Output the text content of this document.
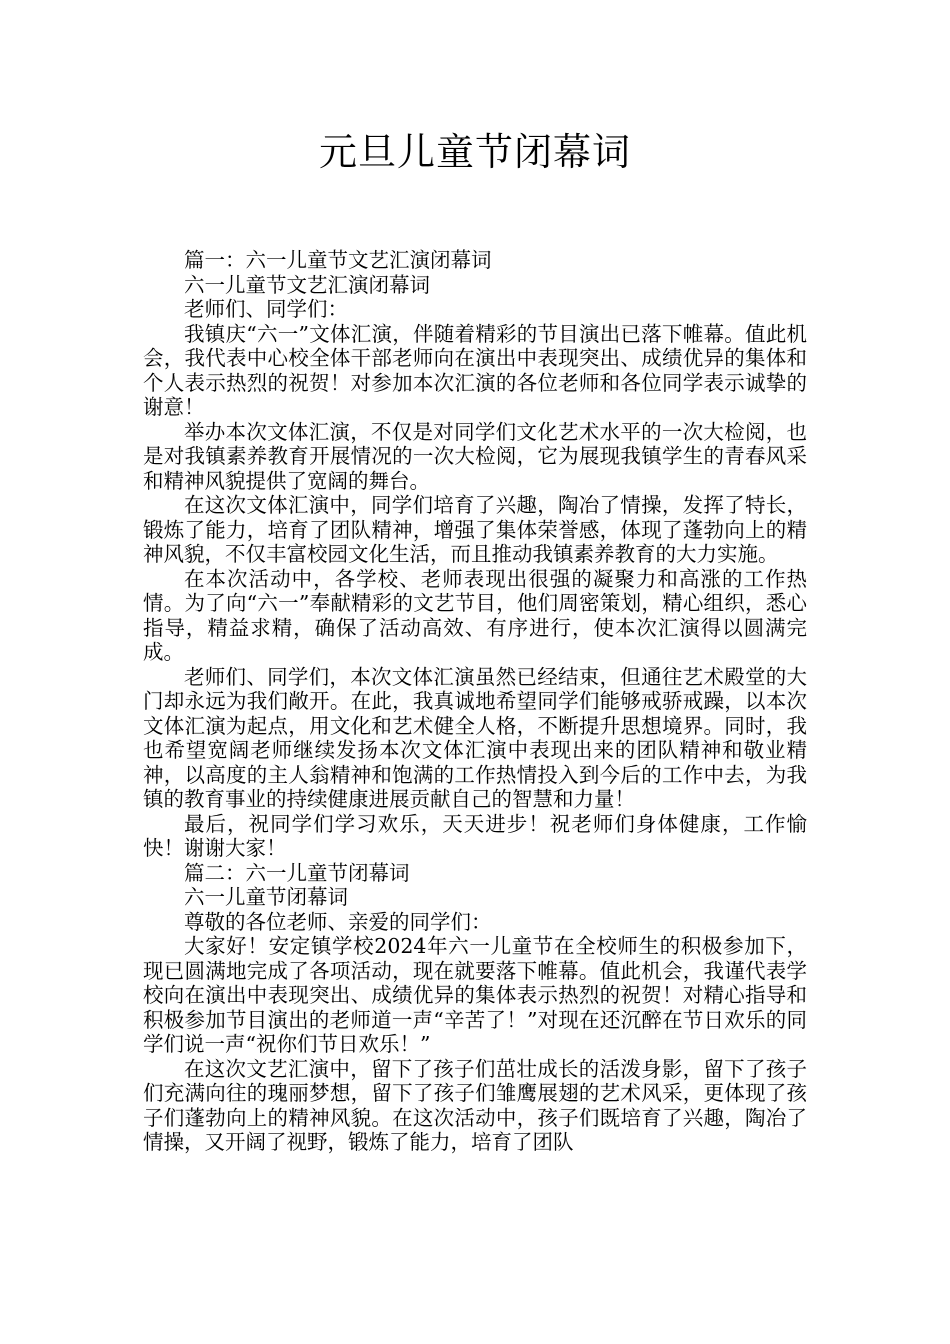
元旦儿童节闭幕词

篇一：六一儿童节文艺汇演闭幕词

六一儿童节文艺汇演闭幕词

老师们、同学们：

我镇庆“六一”文体汇演，伴随着精彩的节目演出已落下帷幕。值此机会，我代表中心校全体干部老师向在演出中表现突出、成绩优异的集体和个人表示热烈的祝贺！对参加本次汇演的各位老师和各位同学表示诚挚的谢意！

举办本次文体汇演，不仅是对同学们文化艺术水平的一次大检阅，也是对我镇素养教育开展情况的一次大检阅，它为展现我镇学生的青春风采和精神风貌提供了宽阔的舞台。

在这次文体汇演中，同学们培育了兴趣，陶冶了情操，发挥了特长，锻炼了能力，培育了团队精神，增强了集体荣誉感，体现了蓬勃向上的精神风貌，不仅丰富校园文化生活，而且推动我镇素养教育的大力实施。

在本次活动中，各学校、老师表现出很强的凝聚力和高涨的工作热情。为了向“六一”奉献精彩的文艺节目，他们周密策划，精心组织，悉心指导，精益求精，确保了活动高效、有序进行，使本次汇演得以圆满完成。

老师们、同学们，本次文体汇演虽然已经结束，但通往艺术殿堂的大门却永远为我们敞开。在此，我真诚地希望同学们能够戒骄戒躁，以本次文体汇演为起点，用文化和艺术健全人格，不断提升思想境界。同时，我也希望宽阔老师继续发扬本次文体汇演中表现出来的团队精神和敬业精神，以高度的主人翁精神和饱满的工作热情投入到今后的工作中去，为我镇的教育事业的持续健康进展贡献自己的智慧和力量！

最后，祝同学们学习欢乐，天天进步！祝老师们身体健康，工作愉快！谢谢大家！

篇二：六一儿童节闭幕词

六一儿童节闭幕词

尊敬的各位老师、亲爱的同学们：

大家好！安定镇学校2024年六一儿童节在全校师生的积极参加下，现已圆满地完成了各项活动，现在就要落下帷幕。值此机会，我谨代表学校向在演出中表现突出、成绩优异的集体表示热烈的祝贺！对精心指导和积极参加节目演出的老师道一声“辛苦了！”对现在还沉醉在节日欢乐的同学们说一声“祝你们节日欢乐！”

在这次文艺汇演中，留下了孩子们茁壮成长的活泼身影，留下了孩子们充满向往的瑰丽梦想，留下了孩子们雏鹰展翅的艺术风采，更体现了孩子们蓬勃向上的精神风貌。在这次活动中，孩子们既培育了兴趣，陶冶了情操，又开阔了视野，锻炼了能力，培育了团队
